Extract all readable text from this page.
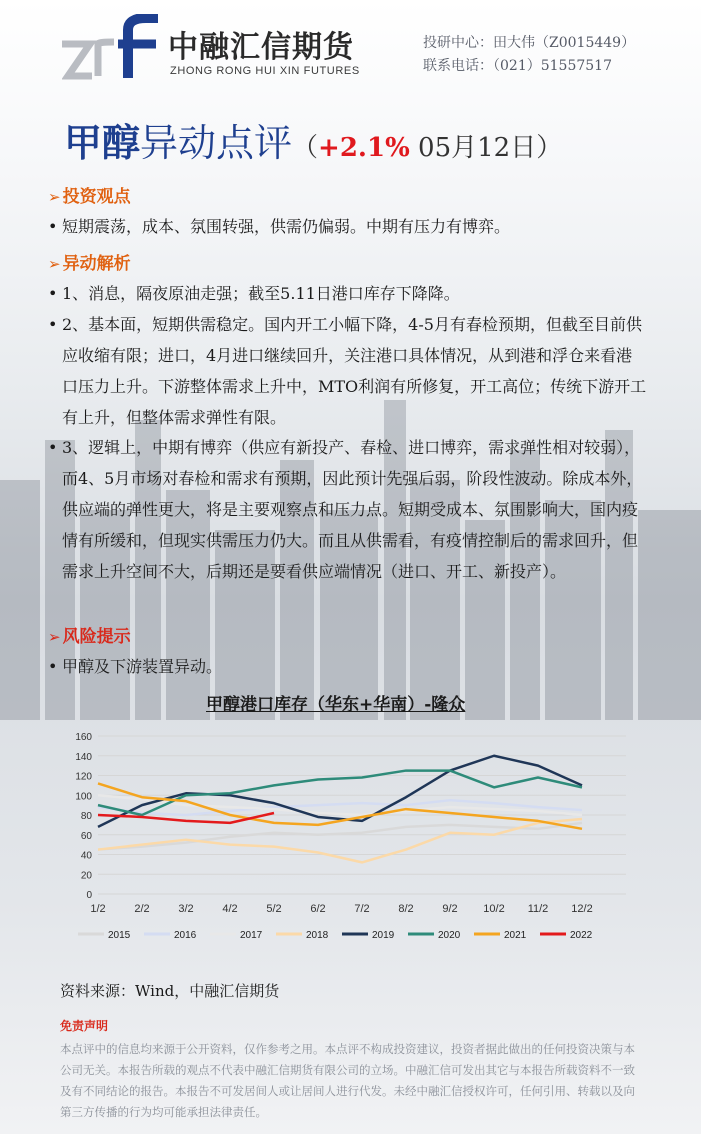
中融汇信期货
ZHONG RONG HUI XIN FUTURES
投研中心：田大伟（Z0015449）
联系电话：（021）51557517
甲醇异动点评（+2.1% 05月12日）
➢ 投资观点
• 短期震荡，成本、氛围转强，供需仍偏弱。中期有压力有博弈。
➢ 异动解析
• 1、消息，隔夜原油走强；截至5.11日港口库存下降降。
• 2、基本面，短期供需稳定。国内开工小幅下降，4-5月有春检预期，但截至目前供应收缩有限；进口，4月进口继续回升，关注港口具体情况，从到港和浮仓来看港口压力上升。下游整体需求上升中，MTO利润有所修复，开工高位；传统下游开工有上升，但整体需求弹性有限。
• 3、逻辑上，中期有博弈（供应有新投产、春检、进口博弈，需求弹性相对较弱），而4、5月市场对春检和需求有预期，因此预计先强后弱，阶段性波动。除成本外，供应端的弹性更大，将是主要观察点和压力点。短期受成本、氛围影响大，国内疫情有所缓和，但现实供需压力仍大。而且从供需看，有疫情控制后的需求回升，但需求上升空间不大，后期还是要看供应端情况（进口、开工、新投产）。
➢ 风险提示
• 甲醇及下游装置异动。
甲醇港口库存（华东+华南）-隆众
0
20
40
60
80
100
120
140
160
1/2	2/2	3/2	4/2	5/2	6/2	7/2	8/2	9/2 10/2 11/2 12/2
2015	2016	2017	2018	2019	2020	2021	2022
资料来源：Wind，中融汇信期货
免责声明
本点评中的信息均来源于公开资料，仅作参考之用。本点评不构成投资建议，投资者据此做出的任何投资决策与本公司无关。本报告所载的观点不代表中融汇信期货有限公司的立场。中融汇信可发出其它与本报告所载资料不一致及有不同结论的报告。本报告不可发居间人或让居间人进行代发。未经中融汇信授权许可，任何引用、转载以及向第三方传播的行为均可能承担法律责任。
